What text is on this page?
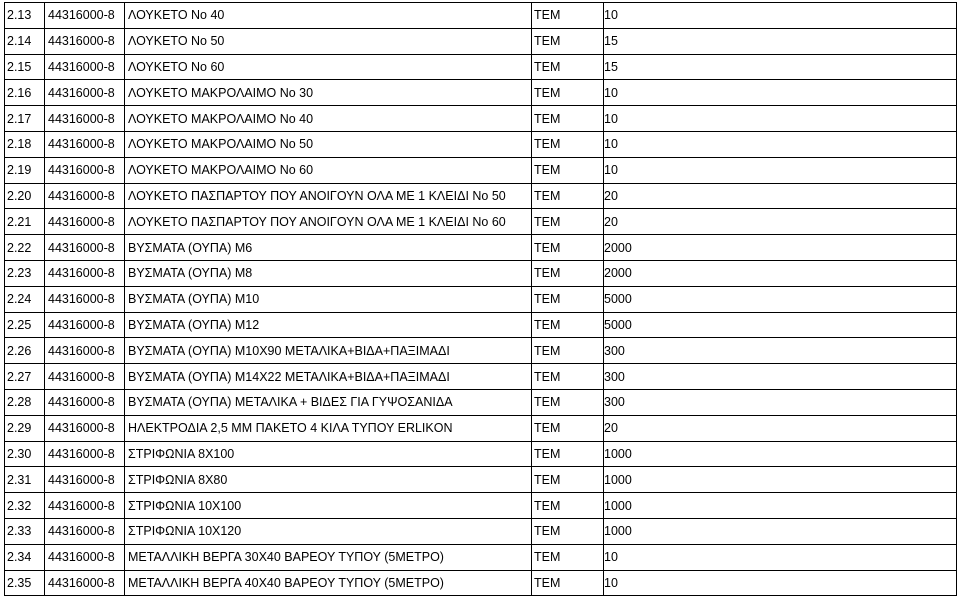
2.13	44316000-8	ΛΟΥΚΕΤΟ Νο 40	ΤΕΜ	10
2.14	44316000-8	ΛΟΥΚΕΤΟ Νο 50	ΤΕΜ	15
2.15	44316000-8	ΛΟΥΚΕΤΟ Νο 60	ΤΕΜ	15
2.16	44316000-8	ΛΟΥΚΕΤΟ ΜΑΚΡΟΛΑΙΜΟ Νο 30	ΤΕΜ	10
2.17	44316000-8	ΛΟΥΚΕΤΟ ΜΑΚΡΟΛΑΙΜΟ Νο 40	ΤΕΜ	10
2.18	44316000-8	ΛΟΥΚΕΤΟ ΜΑΚΡΟΛΑΙΜΟ Νο 50	ΤΕΜ	10
2.19	44316000-8	ΛΟΥΚΕΤΟ ΜΑΚΡΟΛΑΙΜΟ Νο 60	ΤΕΜ	10
2.20	44316000-8	ΛΟΥΚΕΤΟ ΠΑΣΠΑΡΤΟΥ ΠΟΥ ΑΝΟΙΓΟΥΝ ΟΛΑ ΜΕ 1 ΚΛΕΙΔΙ Νο 50	ΤΕΜ	20
2.21	44316000-8	ΛΟΥΚΕΤΟ ΠΑΣΠΑΡΤΟΥ ΠΟΥ ΑΝΟΙΓΟΥΝ ΟΛΑ ΜΕ 1 ΚΛΕΙΔΙ Νο 60	ΤΕΜ	20
2.22	44316000-8	ΒΥΣΜΑΤΑ (ΟΥΠΑ) Μ6	ΤΕΜ	2000
2.23	44316000-8	ΒΥΣΜΑΤΑ (ΟΥΠΑ) Μ8	ΤΕΜ	2000
2.24	44316000-8	ΒΥΣΜΑΤΑ (ΟΥΠΑ) Μ10	ΤΕΜ	5000
2.25	44316000-8	ΒΥΣΜΑΤΑ (ΟΥΠΑ) Μ12	ΤΕΜ	5000
2.26	44316000-8	ΒΥΣΜΑΤΑ (ΟΥΠΑ) Μ10Χ90 ΜΕΤΑΛΙΚΑ+ΒΙΔΑ+ΠΑΞΙΜΑΔΙ	ΤΕΜ	300
2.27	44316000-8	ΒΥΣΜΑΤΑ (ΟΥΠΑ) Μ14Χ22 ΜΕΤΑΛΙΚΑ+ΒΙΔΑ+ΠΑΞΙΜΑΔΙ	ΤΕΜ	300
2.28	44316000-8	ΒΥΣΜΑΤΑ (ΟΥΠΑ) ΜΕΤΑΛΙΚΑ + ΒΙΔΕΣ ΓΙΑ ΓΥΨΟΣΑΝΙΔΑ	ΤΕΜ	300
2.29	44316000-8	ΗΛΕΚΤΡΟΔΙΑ 2,5 ΜΜ ΠΑΚΕΤΟ 4 ΚΙΛΑ ΤΥΠΟΥ ERLIKON	ΤΕΜ	20
2.30	44316000-8	ΣΤΡΙΦΩΝΙΑ 8Χ100	ΤΕΜ	1000
2.31	44316000-8	ΣΤΡΙΦΩΝΙΑ 8Χ80	ΤΕΜ	1000
2.32	44316000-8	ΣΤΡΙΦΩΝΙΑ 10Χ100	ΤΕΜ	1000
2.33	44316000-8	ΣΤΡΙΦΩΝΙΑ 10Χ120	ΤΕΜ	1000
2.34	44316000-8	ΜΕΤΑΛΛΙΚΗ ΒΕΡΓΑ 30Χ40 ΒΑΡΕΟΥ ΤΥΠΟΥ (5ΜΕΤΡΟ)	ΤΕΜ	10
2.35	44316000-8	ΜΕΤΑΛΛΙΚΗ ΒΕΡΓΑ 40Χ40 ΒΑΡΕΟΥ ΤΥΠΟΥ (5ΜΕΤΡΟ)	ΤΕΜ	10
